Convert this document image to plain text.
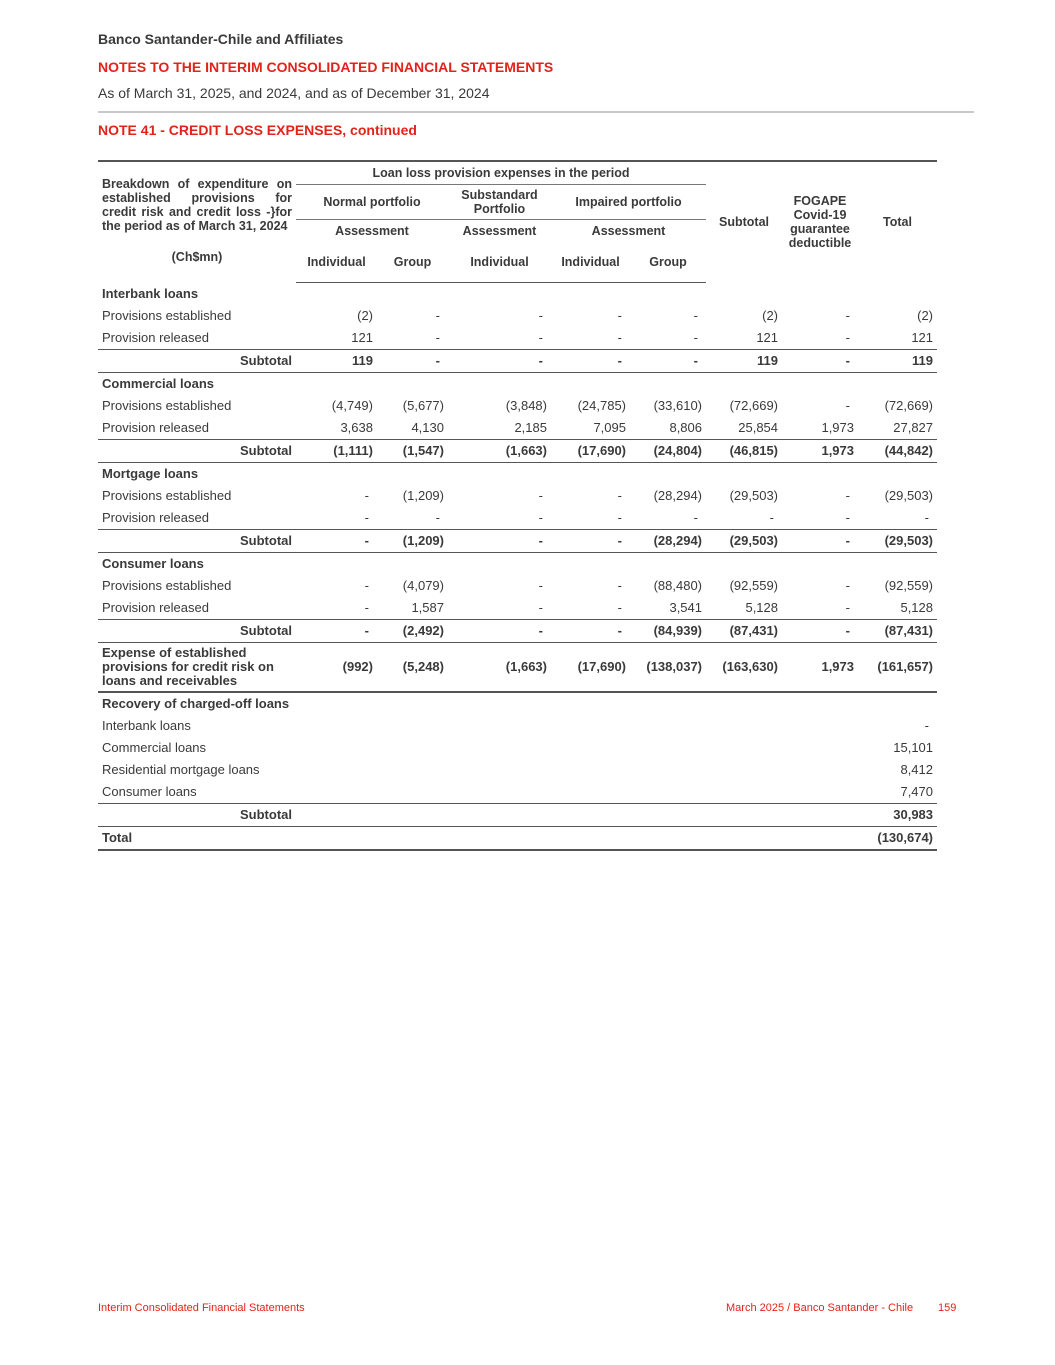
Banco Santander-Chile and Affiliates
NOTES TO THE INTERIM CONSOLIDATED FINANCIAL STATEMENTS
As of March 31, 2025, and 2024, and as of December 31, 2024
NOTE 41 - CREDIT LOSS EXPENSES, continued
Breakdown of expenditure on established provisions for credit risk and credit loss -}for the period as of March 31, 2024
(Ch$mn)	Loan loss provision expenses in the period					Subtotal	FOGAPE Covid-19 guarantee deductible	Total
	Normal portfolio		Substandard Portfolio	Impaired portfolio				
	Assessment		Assessment	Assessment				
	Individual	Group	Individual	Individual	Group			
Interbank loans								
Provisions established	(2)	-	-	-	-	(2)	-	(2)
Provision released	121	-	-	-	-	121	-	121
Subtotal	119	-	-	-	-	119	-	119
Commercial loans								
Provisions established	(4,749)	(5,677)	(3,848)	(24,785)	(33,610)	(72,669)	-	(72,669)
Provision released	3,638	4,130	2,185	7,095	8,806	25,854	1,973	27,827
Subtotal	(1,111)	(1,547)	(1,663)	(17,690)	(24,804)	(46,815)	1,973	(44,842)
Mortgage loans								
Provisions established	-	(1,209)	-	-	(28,294)	(29,503)	-	(29,503)
Provision released	-	-	-	-	-	-	-	-
Subtotal	-	(1,209)	-	-	(28,294)	(29,503)	-	(29,503)
Consumer loans								
Provisions established	-	(4,079)	-	-	(88,480)	(92,559)	-	(92,559)
Provision released	-	1,587	-	-	3,541	5,128	-	5,128
Subtotal	-	(2,492)	-	-	(84,939)	(87,431)	-	(87,431)
Expense of established provisions for credit risk on loans and receivables	(992)	(5,248)	(1,663)	(17,690)	(138,037)	(163,630)	1,973	(161,657)
Recovery of charged-off loans								
Interbank loans								-
Commercial loans								15,101
Residential mortgage loans								8,412
Consumer loans								7,470
Subtotal								30,983
Total								(130,674)
Interim Consolidated Financial Statements	March 2025 / Banco Santander - Chile 159
